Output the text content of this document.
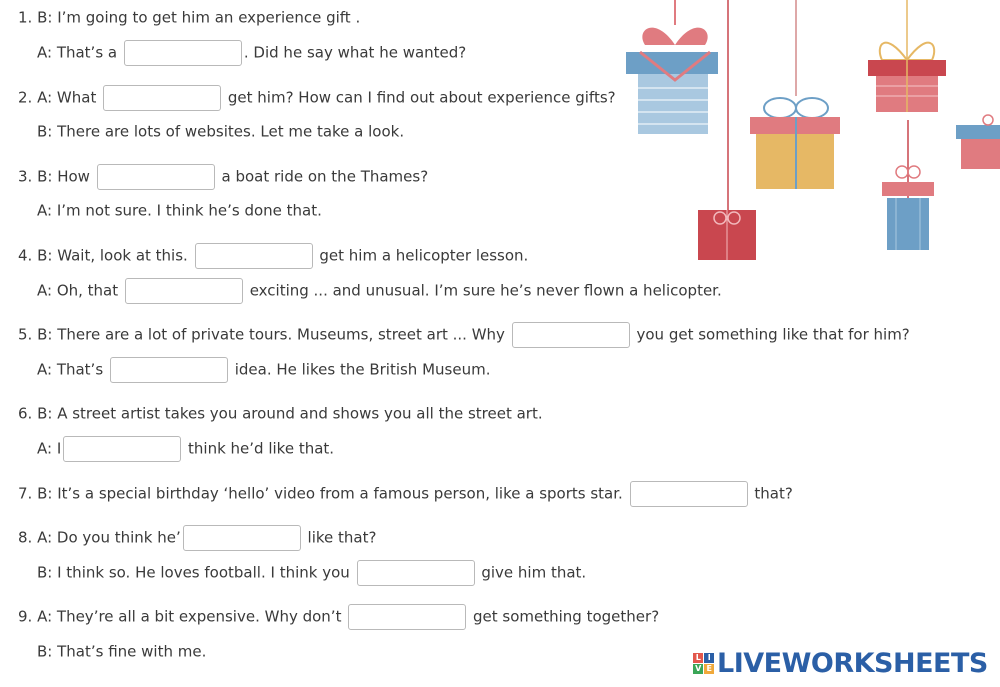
1. B: I’m going to get him an experience gift .
A: That’s a	. Did he say what he wanted?
2. A: What	get him? How can I find out about experience gifts?
B: There are lots of websites. Let me take a look.
3. B: How	a boat ride on the Thames?
A: I’m not sure. I think he’s done that.
4. B: Wait, look at this.	get him a helicopter lesson.
A: Oh, that	exciting ... and unusual. I’m sure he’s never flown a helicopter.
5. B: There are a lot of private tours. Museums, street art ... Why	you get something like that for him?
A: That’s	idea. He likes the British Museum.
6. B: A street artist takes you around and shows you all the street art.
A: I	think he’d like that.
7. B: It’s a special birthday ‘hello’ video from a famous person, like a sports star.	that?
8. A: Do you think he’	like that?
B: I think so. He loves football. I think you	give him that.
9. A: They’re all a bit expensive. Why don’t	get something together?
B: That’s fine with me.	L I
V E LIVEWORKSHEETS
